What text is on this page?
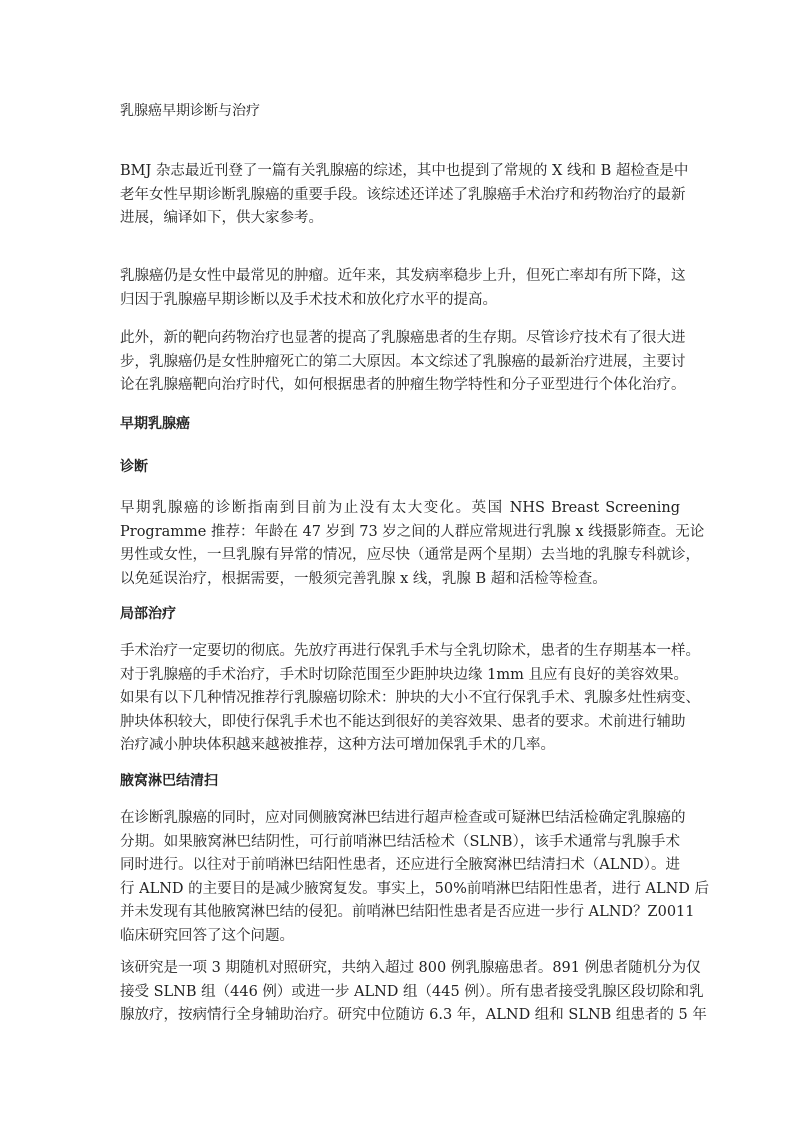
乳腺癌早期诊断与治疗
BMJ 杂志最近刊登了一篇有关乳腺癌的综述，其中也提到了常规的 X 线和 B 超检查是中
老年女性早期诊断乳腺癌的重要手段。该综述还详述了乳腺癌手术治疗和药物治疗的最新
进展，编译如下，供大家参考。
乳腺癌仍是女性中最常见的肿瘤。近年来，其发病率稳步上升，但死亡率却有所下降，这
归因于乳腺癌早期诊断以及手术技术和放化疗水平的提高。
此外，新的靶向药物治疗也显著的提高了乳腺癌患者的生存期。尽管诊疗技术有了很大进
步，乳腺癌仍是女性肿瘤死亡的第二大原因。本文综述了乳腺癌的最新治疗进展，主要讨
论在乳腺癌靶向治疗时代，如何根据患者的肿瘤生物学特性和分子亚型进行个体化治疗。
早期乳腺癌
诊断
早期乳腺癌的诊断指南到目前为止没有太大变化。英国 NHS Breast Screening
Programme 推荐：年龄在 47 岁到 73 岁之间的人群应常规进行乳腺 x 线摄影筛查。无论
男性或女性，一旦乳腺有异常的情况，应尽快（通常是两个星期）去当地的乳腺专科就诊，
以免延误治疗，根据需要，一般须完善乳腺 x 线，乳腺 B 超和活检等检查。
局部治疗
手术治疗一定要切的彻底。先放疗再进行保乳手术与全乳切除术，患者的生存期基本一样。
对于乳腺癌的手术治疗，手术时切除范围至少距肿块边缘 1mm 且应有良好的美容效果。
如果有以下几种情况推荐行乳腺癌切除术：肿块的大小不宜行保乳手术、乳腺多灶性病变、
肿块体积较大，即使行保乳手术也不能达到很好的美容效果、患者的要求。术前进行辅助
治疗减小肿块体积越来越被推荐，这种方法可增加保乳手术的几率。
腋窝淋巴结清扫
在诊断乳腺癌的同时，应对同侧腋窝淋巴结进行超声检查或可疑淋巴结活检确定乳腺癌的
分期。如果腋窝淋巴结阴性，可行前哨淋巴结活检术（SLNB），该手术通常与乳腺手术
同时进行。以往对于前哨淋巴结阳性患者，还应进行全腋窝淋巴结清扫术（ALND）。进
行 ALND 的主要目的是减少腋窝复发。事实上，50%前哨淋巴结阳性患者，进行 ALND 后
并未发现有其他腋窝淋巴结的侵犯。前哨淋巴结阳性患者是否应进一步行 ALND？Z0011
临床研究回答了这个问题。
该研究是一项 3 期随机对照研究，共纳入超过 800 例乳腺癌患者。891 例患者随机分为仅
接受 SLNB 组（446 例）或进一步 ALND 组（445 例）。所有患者接受乳腺区段切除和乳
腺放疗，按病情行全身辅助治疗。研究中位随访 6.3 年，ALND 组和 SLNB 组患者的 5 年
